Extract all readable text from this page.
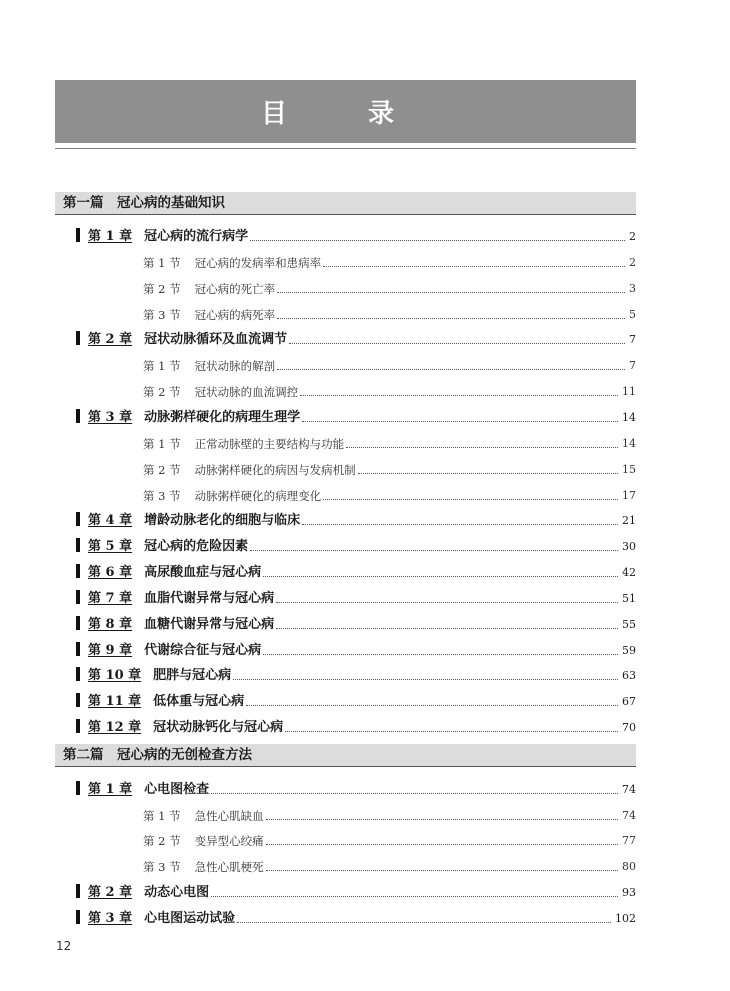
目 录
第一篇　冠心病的基础知识
第 1 章 冠心病的流行病学	2
第 1 节 冠心病的发病率和患病率	2
第 2 节 冠心病的死亡率	3
第 3 节 冠心病的病死率	5
第 2 章 冠状动脉循环及血流调节	7
第 1 节 冠状动脉的解剖	7
第 2 节 冠状动脉的血流调控	11
第 3 章 动脉粥样硬化的病理生理学	14
第 1 节 正常动脉壁的主要结构与功能	14
第 2 节 动脉粥样硬化的病因与发病机制	15
第 3 节 动脉粥样硬化的病理变化	17
第 4 章 增龄动脉老化的细胞与临床	21
第 5 章 冠心病的危险因素	30
第 6 章 高尿酸血症与冠心病	42
第 7 章 血脂代谢异常与冠心病	51
第 8 章 血糖代谢异常与冠心病	55
第 9 章 代谢综合征与冠心病	59
第 10 章 肥胖与冠心病	63
第 11 章 低体重与冠心病	67
第 12 章 冠状动脉钙化与冠心病	70
第二篇　冠心病的无创检查方法
第 1 章 心电图检查	74
第 1 节 急性心肌缺血	74
第 2 节 变异型心绞痛	77
第 3 节 急性心肌梗死	80
第 2 章 动态心电图	93
第 3 章 心电图运动试验	102
12
